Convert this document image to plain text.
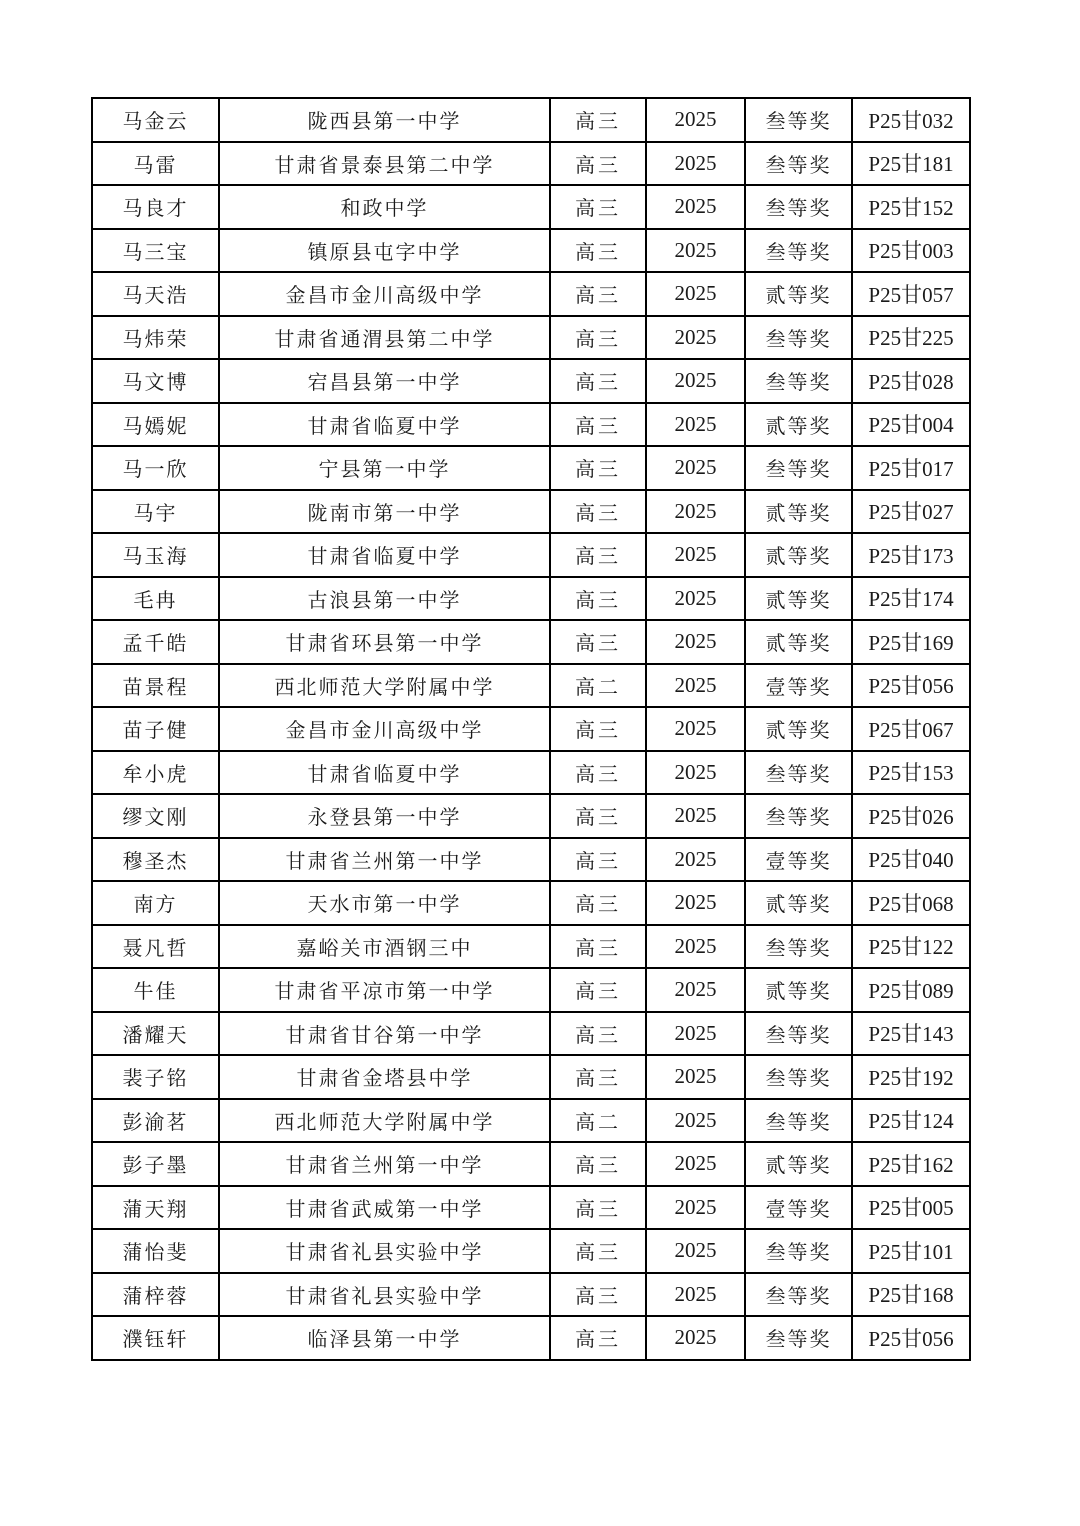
马金云	陇西县第一中学	高三	2025	叁等奖	P25甘032
马雷	甘肃省景泰县第二中学	高三	2025	叁等奖	P25甘181
马良才	和政中学	高三	2025	叁等奖	P25甘152
马三宝	镇原县屯字中学	高三	2025	叁等奖	P25甘003
马天浩	金昌市金川高级中学	高三	2025	贰等奖	P25甘057
马炜荣	甘肃省通渭县第二中学	高三	2025	叁等奖	P25甘225
马文博	宕昌县第一中学	高三	2025	叁等奖	P25甘028
马嫣妮	甘肃省临夏中学	高三	2025	贰等奖	P25甘004
马一欣	宁县第一中学	高三	2025	叁等奖	P25甘017
马宇	陇南市第一中学	高三	2025	贰等奖	P25甘027
马玉海	甘肃省临夏中学	高三	2025	贰等奖	P25甘173
毛冉	古浪县第一中学	高三	2025	贰等奖	P25甘174
孟千皓	甘肃省环县第一中学	高三	2025	贰等奖	P25甘169
苗景程	西北师范大学附属中学	高二	2025	壹等奖	P25甘056
苗子健	金昌市金川高级中学	高三	2025	贰等奖	P25甘067
牟小虎	甘肃省临夏中学	高三	2025	叁等奖	P25甘153
缪文刚	永登县第一中学	高三	2025	叁等奖	P25甘026
穆圣杰	甘肃省兰州第一中学	高三	2025	壹等奖	P25甘040
南方	天水市第一中学	高三	2025	贰等奖	P25甘068
聂凡哲	嘉峪关市酒钢三中	高三	2025	叁等奖	P25甘122
牛佳	甘肃省平凉市第一中学	高三	2025	贰等奖	P25甘089
潘耀天	甘肃省甘谷第一中学	高三	2025	叁等奖	P25甘143
裴子铭	甘肃省金塔县中学	高三	2025	叁等奖	P25甘192
彭渝茗	西北师范大学附属中学	高二	2025	叁等奖	P25甘124
彭子墨	甘肃省兰州第一中学	高三	2025	贰等奖	P25甘162
蒲天翔	甘肃省武威第一中学	高三	2025	壹等奖	P25甘005
蒲怡斐	甘肃省礼县实验中学	高三	2025	叁等奖	P25甘101
蒲梓蓉	甘肃省礼县实验中学	高三	2025	叁等奖	P25甘168
濮钰轩	临泽县第一中学	高三	2025	叁等奖	P25甘056
